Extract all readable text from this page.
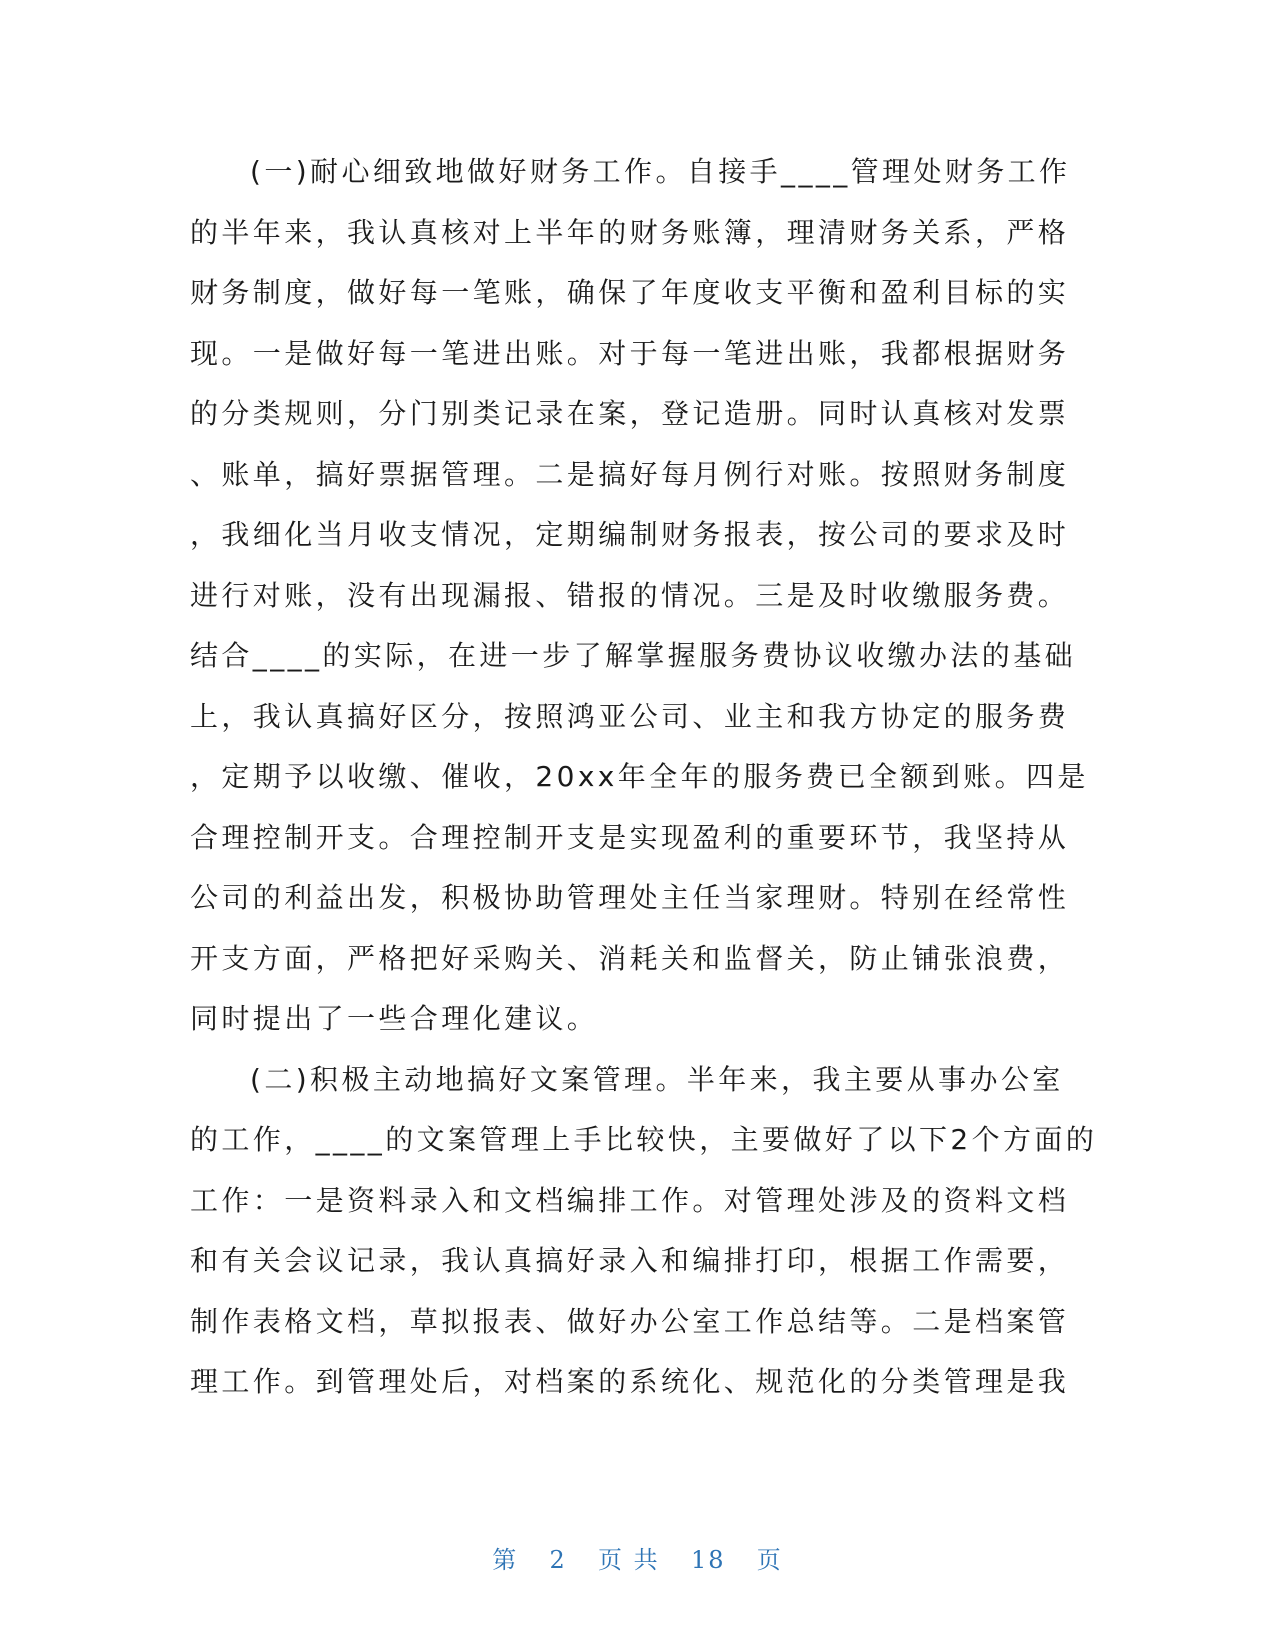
(一)耐心细致地做好财务工作。自接手____管理处财务工作
的半年来，我认真核对上半年的财务账簿，理清财务关系，严格
财务制度，做好每一笔账，确保了年度收支平衡和盈利目标的实
现。一是做好每一笔进出账。对于每一笔进出账，我都根据财务
的分类规则，分门别类记录在案，登记造册。同时认真核对发票
、账单，搞好票据管理。二是搞好每月例行对账。按照财务制度
，我细化当月收支情况，定期编制财务报表，按公司的要求及时
进行对账，没有出现漏报、错报的情况。三是及时收缴服务费。
结合____的实际，在进一步了解掌握服务费协议收缴办法的基础
上，我认真搞好区分，按照鸿亚公司、业主和我方协定的服务费
，定期予以收缴、催收，20xx年全年的服务费已全额到账。四是
合理控制开支。合理控制开支是实现盈利的重要环节，我坚持从
公司的利益出发，积极协助管理处主任当家理财。特别在经常性
开支方面，严格把好采购关、消耗关和监督关，防止铺张浪费，
同时提出了一些合理化建议。
(二)积极主动地搞好文案管理。半年来，我主要从事办公室
的工作，____的文案管理上手比较快，主要做好了以下2个方面的
工作：一是资料录入和文档编排工作。对管理处涉及的资料文档
和有关会议记录，我认真搞好录入和编排打印，根据工作需要，
制作表格文档，草拟报表、做好办公室工作总结等。二是档案管
理工作。到管理处后，对档案的系统化、规范化的分类管理是我
第 2 页 共 18 页
